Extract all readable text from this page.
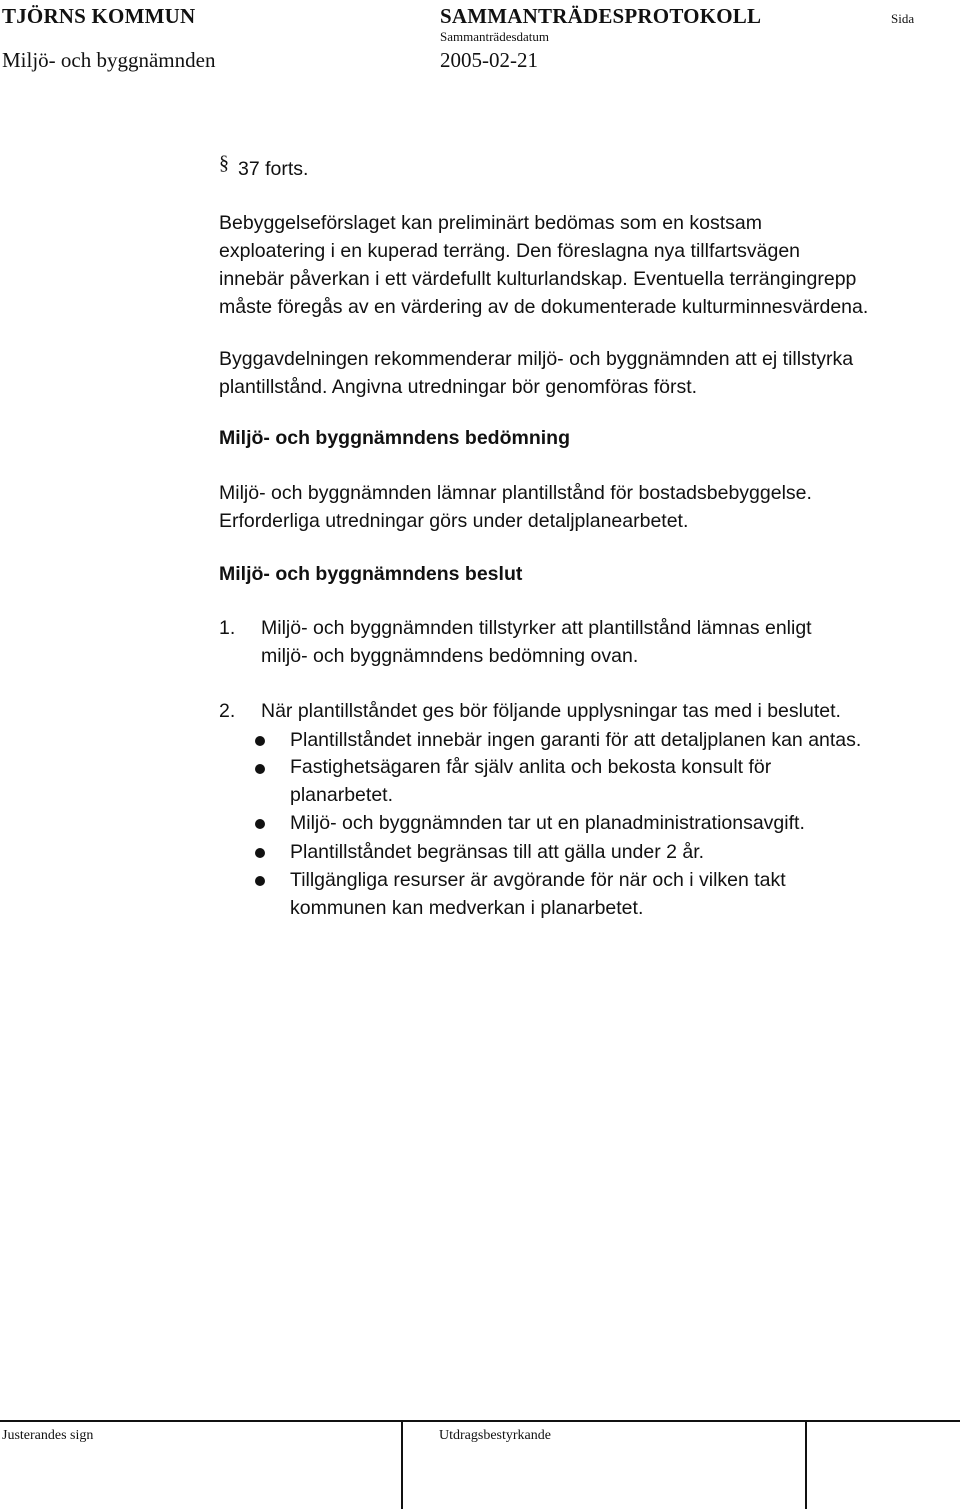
TJÖRNS KOMMUN	SAMMANTRÄDESPROTOKOLL	Sida
Sammanträdesdatum
Miljö- och byggnämnden	2005-02-21
§ 37 forts.
Bebyggelseförslaget kan preliminärt bedömas som en kostsam
exploatering i en kuperad terräng. Den föreslagna nya tillfartsvägen
innebär påverkan i ett värdefullt kulturlandskap. Eventuella terrängingrepp
måste föregås av en värdering av de dokumenterade kulturminnesvärdena.
Byggavdelningen rekommenderar miljö- och byggnämnden att ej tillstyrka
plantillstånd. Angivna utredningar bör genomföras först.
Miljö- och byggnämndens bedömning
Miljö- och byggnämnden lämnar plantillstånd för bostadsbebyggelse.
Erforderliga utredningar görs under detaljplanearbetet.
Miljö- och byggnämndens beslut
1. Miljö- och byggnämnden tillstyrker att plantillstånd lämnas enligt
miljö- och byggnämndens bedömning ovan.
2. När plantillståndet ges bör följande upplysningar tas med i beslutet.
Plantillståndet innebär ingen garanti för att detaljplanen kan antas.
Fastighetsägaren får själv anlita och bekosta konsult för
planarbetet.
Miljö- och byggnämnden tar ut en planadministrationsavgift.
Plantillståndet begränsas till att gälla under 2 år.
Tillgängliga resurser är avgörande för när och i vilken takt
kommunen kan medverkan i planarbetet.
Justerandes sign	Utdragsbestyrkande
